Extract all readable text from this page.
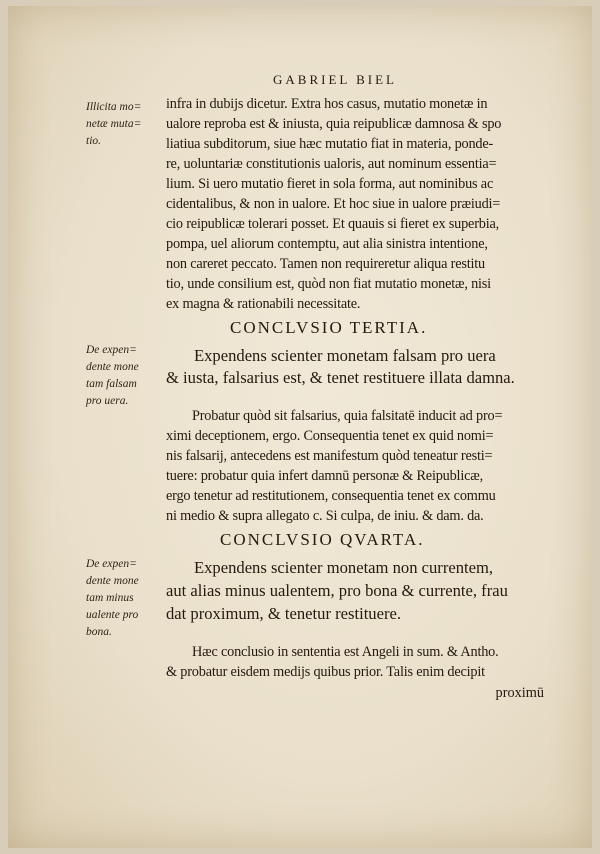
GABRIEL BIEL
Illicita mo=
netæ muta=
tio.
infra in dubijs dicetur. Extra hos casus, mutatio monetæ in
ualore reproba est & iniusta, quia reipublicæ damnosa & spo
liatiua subditorum, siue hæc mutatio fiat in materia, ponde-
re, uoluntariæ constitutionis ualoris, aut nominum essentia=
lium. Si uero mutatio fieret in sola forma, aut nominibus ac
cidentalibus, & non in ualore. Et hoc siue in ualore præiudi=
cio reipublicæ tolerari posset. Et quauis si fieret ex superbia,
pompa, uel aliorum contemptu, aut alia sinistra intentione,
non careret peccato. Tamen non requireretur aliqua restitu
tio, unde consilium est, quòd non fiat mutatio monetæ, nisi
ex magna & rationabili necessitate.
CONCLVSIO TERTIA.
De expen=
dente mone
tam falsam
pro uera.
Expendens scienter monetam falsam pro uera
& iusta, falsarius est, & tenet restituere illata damna.
Probatur quòd sit falsarius, quia falsitatē inducit ad pro=
ximi deceptionem, ergo. Consequentia tenet ex quid nomi=
nis falsarij, antecedens est manifestum quòd teneatur resti=
tuere: probatur quia infert damnū personæ & Reipublicæ,
ergo tenetur ad restitutionem, consequentia tenet ex commu
ni medio & supra allegato c. Si culpa, de iniu. & dam. da.
CONCLVSIO QVARTA.
De expen=
dente mone
tam minus
ualente pro
bona.
Expendens scienter monetam non currentem,
aut alias minus ualentem, pro bona & currente, frau
dat proximum, & tenetur restituere.
Hæc conclusio in sententia est Angeli in sum. & Antho.
& probatur eisdem medijs quibus prior. Talis enim decipit
proximū
